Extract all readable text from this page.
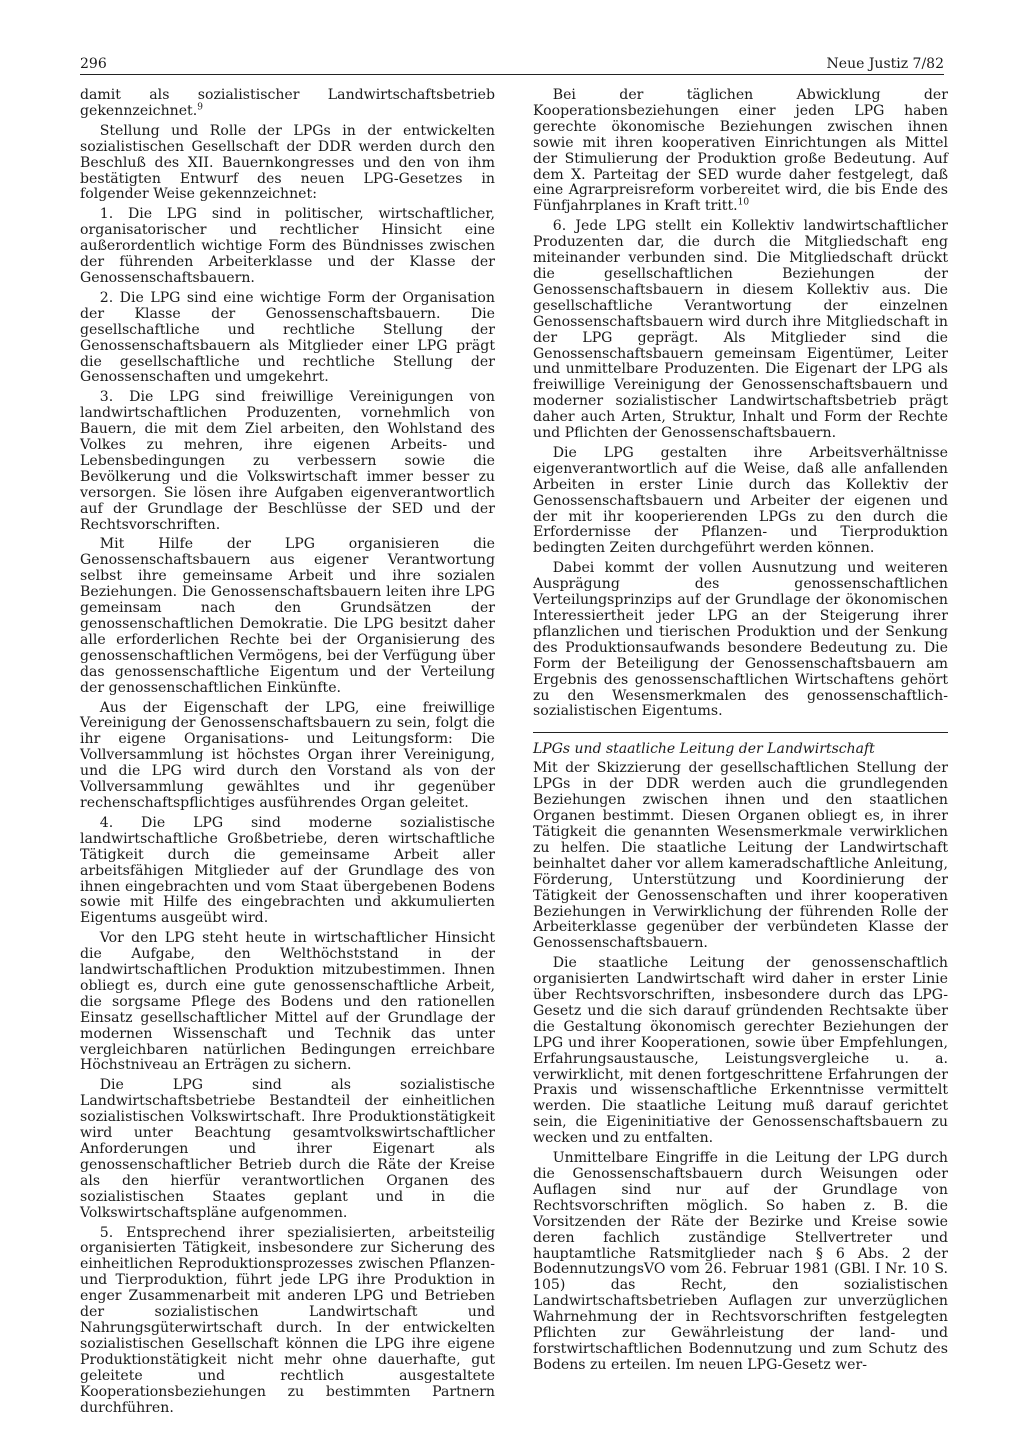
296	Neue Justiz 7/82

damit als sozialistischer Landwirtschaftsbetrieb gekennzeichnet.$^9$

Stellung und Rolle der LPGs in der entwickelten sozialistischen Gesellschaft der DDR werden durch den Beschluß des XII. Bauernkongresses und den von ihm bestätigten Entwurf des neuen LPG-Gesetzes in folgender Weise gekennzeichnet:

1. Die LPG sind in politischer, wirtschaftlicher, organisatorischer und rechtlicher Hinsicht eine außerordentlich wichtige Form des Bündnisses zwischen der führenden Arbeiterklasse und der Klasse der Genossenschaftsbauern.

2. Die LPG sind eine wichtige Form der Organisation der Klasse der Genossenschaftsbauern. Die gesellschaftliche und rechtliche Stellung der Genossenschaftsbauern als Mitglieder einer LPG prägt die gesellschaftliche und rechtliche Stellung der Genossenschaften und umgekehrt.

3. Die LPG sind freiwillige Vereinigungen von landwirtschaftlichen Produzenten, vornehmlich von Bauern, die mit dem Ziel arbeiten, den Wohlstand des Volkes zu mehren, ihre eigenen Arbeits- und Lebensbedingungen zu verbessern sowie die Bevölkerung und die Volkswirtschaft immer besser zu versorgen. Sie lösen ihre Aufgaben eigenverantwortlich auf der Grundlage der Beschlüsse der SED und der Rechtsvorschriften.

Mit Hilfe der LPG organisieren die Genossenschaftsbauern aus eigener Verantwortung selbst ihre gemeinsame Arbeit und ihre sozialen Beziehungen. Die Genossenschaftsbauern leiten ihre LPG gemeinsam nach den Grundsätzen der genossenschaftlichen Demokratie. Die LPG besitzt daher alle erforderlichen Rechte bei der Organisierung des genossenschaftlichen Vermögens, bei der Verfügung über das genossenschaftliche Eigentum und der Verteilung der genossenschaftlichen Einkünfte.

Aus der Eigenschaft der LPG, eine freiwillige Vereinigung der Genossenschaftsbauern zu sein, folgt die ihr eigene Organisations- und Leitungsform: Die Vollversammlung ist höchstes Organ ihrer Vereinigung, und die LPG wird durch den Vorstand als von der Vollversammlung gewähltes und ihr gegenüber rechenschaftspflichtiges ausführendes Organ geleitet.

4. Die LPG sind moderne sozialistische landwirtschaftliche Großbetriebe, deren wirtschaftliche Tätigkeit durch die gemeinsame Arbeit aller arbeitsfähigen Mitglieder auf der Grundlage des von ihnen eingebrachten und vom Staat übergebenen Bodens sowie mit Hilfe des eingebrachten und akkumulierten Eigentums ausgeübt wird.

Vor den LPG steht heute in wirtschaftlicher Hinsicht die Aufgabe, den Welthöchststand in der landwirtschaftlichen Produktion mitzubestimmen. Ihnen obliegt es, durch eine gute genossenschaftliche Arbeit, die sorgsame Pflege des Bodens und den rationellen Einsatz gesellschaftlicher Mittel auf der Grundlage der modernen Wissenschaft und Technik das unter vergleichbaren natürlichen Bedingungen erreichbare Höchstniveau an Erträgen zu sichern.

Die LPG sind als sozialistische Landwirtschaftsbetriebe Bestandteil der einheitlichen sozialistischen Volkswirtschaft. Ihre Produktionstätigkeit wird unter Beachtung gesamtvolkswirtschaftlicher Anforderungen und ihrer Eigenart als genossenschaftlicher Betrieb durch die Räte der Kreise als den hierfür verantwortlichen Organen des sozialistischen Staates geplant und in die Volkswirtschaftspläne aufgenommen.

5. Entsprechend ihrer spezialisierten, arbeitsteilig organisierten Tätigkeit, insbesondere zur Sicherung des einheitlichen Reproduktionsprozesses zwischen Pflanzen- und Tierproduktion, führt jede LPG ihre Produktion in enger Zusammenarbeit mit anderen LPG und Betrieben der sozialistischen Landwirtschaft und Nahrungsgüterwirtschaft durch. In der entwickelten sozialistischen Gesellschaft können die LPG ihre eigene Produktionstätigkeit nicht mehr ohne dauerhafte, gut geleitete und rechtlich ausgestaltete Kooperationsbeziehungen zu bestimmten Partnern durchführen.

Bei der täglichen Abwicklung der Kooperationsbeziehungen einer jeden LPG haben gerechte ökonomische Beziehungen zwischen ihnen sowie mit ihren kooperativen Einrichtungen als Mittel der Stimulierung der Produktion große Bedeutung. Auf dem X. Parteitag der SED wurde daher festgelegt, daß eine Agrarpreisreform vorbereitet wird, die bis Ende des Fünfjahrplanes in Kraft tritt.$^{10}$

6. Jede LPG stellt ein Kollektiv landwirtschaftlicher Produzenten dar, die durch die Mitgliedschaft eng miteinander verbunden sind. Die Mitgliedschaft drückt die gesellschaftlichen Beziehungen der Genossenschaftsbauern in diesem Kollektiv aus. Die gesellschaftliche Verantwortung der einzelnen Genossenschaftsbauern wird durch ihre Mitgliedschaft in der LPG geprägt. Als Mitglieder sind die Genossenschaftsbauern gemeinsam Eigentümer, Leiter und unmittelbare Produzenten. Die Eigenart der LPG als freiwillige Vereinigung der Genossenschaftsbauern und moderner sozialistischer Landwirtschaftsbetrieb prägt daher auch Arten, Struktur, Inhalt und Form der Rechte und Pflichten der Genossenschaftsbauern.

Die LPG gestalten ihre Arbeitsverhältnisse eigenverantwortlich auf die Weise, daß alle anfallenden Arbeiten in erster Linie durch das Kollektiv der Genossenschaftsbauern und Arbeiter der eigenen und der mit ihr kooperierenden LPGs zu den durch die Erfordernisse der Pflanzen- und Tierproduktion bedingten Zeiten durchgeführt werden können.

Dabei kommt der vollen Ausnutzung und weiteren Ausprägung des genossenschaftlichen Verteilungsprinzips auf der Grundlage der ökonomischen Interessiertheit jeder LPG an der Steigerung ihrer pflanzlichen und tierischen Produktion und der Senkung des Produktionsaufwands besondere Bedeutung zu. Die Form der Beteiligung der Genossenschaftsbauern am Ergebnis des genossenschaftlichen Wirtschaftens gehört zu den Wesensmerkmalen des genossenschaftlich-sozialistischen Eigentums.

LPGs und staatliche Leitung der Landwirtschaft

Mit der Skizzierung der gesellschaftlichen Stellung der LPGs in der DDR werden auch die grundlegenden Beziehungen zwischen ihnen und den staatlichen Organen bestimmt. Diesen Organen obliegt es, in ihrer Tätigkeit die genannten Wesensmerkmale verwirklichen zu helfen. Die staatliche Leitung der Landwirtschaft beinhaltet daher vor allem kameradschaftliche Anleitung, Förderung, Unterstützung und Koordinierung der Tätigkeit der Genossenschaften und ihrer kooperativen Beziehungen in Verwirklichung der führenden Rolle der Arbeiterklasse gegenüber der verbündeten Klasse der Genossenschaftsbauern.

Die staatliche Leitung der genossenschaftlich organisierten Landwirtschaft wird daher in erster Linie über Rechtsvorschriften, insbesondere durch das LPG-Gesetz und die sich darauf gründenden Rechtsakte über die Gestaltung ökonomisch gerechter Beziehungen der LPG und ihrer Kooperationen, sowie über Empfehlungen, Erfahrungsaustausche, Leistungsvergleiche u. a. verwirklicht, mit denen fortgeschrittene Erfahrungen der Praxis und wissenschaftliche Erkenntnisse vermittelt werden. Die staatliche Leitung muß darauf gerichtet sein, die Eigeninitiative der Genossenschaftsbauern zu wecken und zu entfalten.

Unmittelbare Eingriffe in die Leitung der LPG durch die Genossenschaftsbauern durch Weisungen oder Auflagen sind nur auf der Grundlage von Rechtsvorschriften möglich. So haben z. B. die Vorsitzenden der Räte der Bezirke und Kreise sowie deren fachlich zuständige Stellvertreter und hauptamtliche Ratsmitglieder nach § 6 Abs. 2 der BodennutzungsVO vom 26. Februar 1981 (GBl. I Nr. 10 S. 105) das Recht, den sozialistischen Landwirtschaftsbetrieben Auflagen zur unverzüglichen Wahrnehmung der in Rechtsvorschriften festgelegten Pflichten zur Gewährleistung der land- und forstwirtschaftlichen Bodennutzung und zum Schutz des Bodens zu erteilen. Im neuen LPG-Gesetz wer-
